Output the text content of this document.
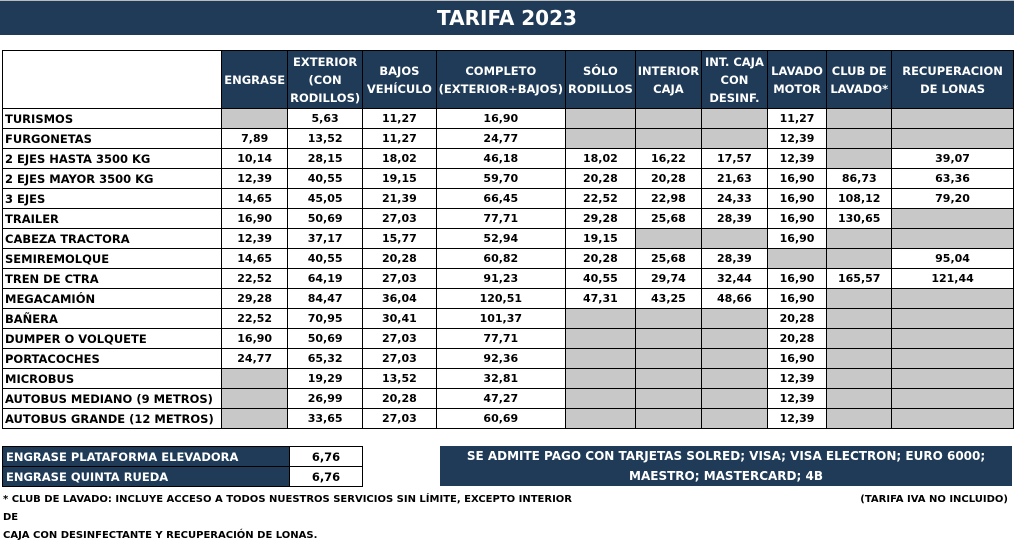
TARIFA 2023
	ENGRASE	EXTERIOR (CON RODILLOS)	BAJOS VEHÍCULO	COMPLETO (EXTERIOR+BAJOS)	SÓLO RODILLOS	INTERIOR CAJA	INT. CAJA CON DESINF.	LAVADO MOTOR	CLUB DE LAVADO*	RECUPERACION DE LONAS
TURISMOS		5,63	11,27	16,90				11,27		
FURGONETAS	7,89	13,52	11,27	24,77				12,39		
2 EJES HASTA 3500 KG	10,14	28,15	18,02	46,18	18,02	16,22	17,57	12,39		39,07
2 EJES MAYOR 3500 KG	12,39	40,55	19,15	59,70	20,28	20,28	21,63	16,90	86,73	63,36
3 EJES	14,65	45,05	21,39	66,45	22,52	22,98	24,33	16,90	108,12	79,20
TRAILER	16,90	50,69	27,03	77,71	29,28	25,68	28,39	16,90	130,65	
CABEZA TRACTORA	12,39	37,17	15,77	52,94	19,15			16,90		
SEMIREMOLQUE	14,65	40,55	20,28	60,82	20,28	25,68	28,39			95,04
TREN DE CTRA	22,52	64,19	27,03	91,23	40,55	29,74	32,44	16,90	165,57	121,44
MEGACAMIÓN	29,28	84,47	36,04	120,51	47,31	43,25	48,66	16,90		
BAÑERA	22,52	70,95	30,41	101,37				20,28		
DUMPER O VOLQUETE	16,90	50,69	27,03	77,71				20,28		
PORTACOCHES	24,77	65,32	27,03	92,36				16,90		
MICROBUS		19,29	13,52	32,81				12,39		
AUTOBUS MEDIANO (9 METROS)		26,99	20,28	47,27				12,39		
AUTOBUS GRANDE (12 METROS)		33,65	27,03	60,69				12,39		
ENGRASE PLATAFORMA ELEVADORA	6,76
ENGRASE QUINTA RUEDA	6,76
SE ADMITE PAGO CON TARJETAS SOLRED; VISA; VISA ELECTRON; EURO 6000;
MAESTRO; MASTERCARD; 4B
* CLUB DE LAVADO: INCLUYE ACCESO A TODOS NUESTROS SERVICIOS SIN LÍMITE, EXCEPTO INTERIOR DE
CAJA CON DESINFECTANTE Y RECUPERACIÓN DE LONAS.
(TARIFA IVA NO INCLUIDO)
